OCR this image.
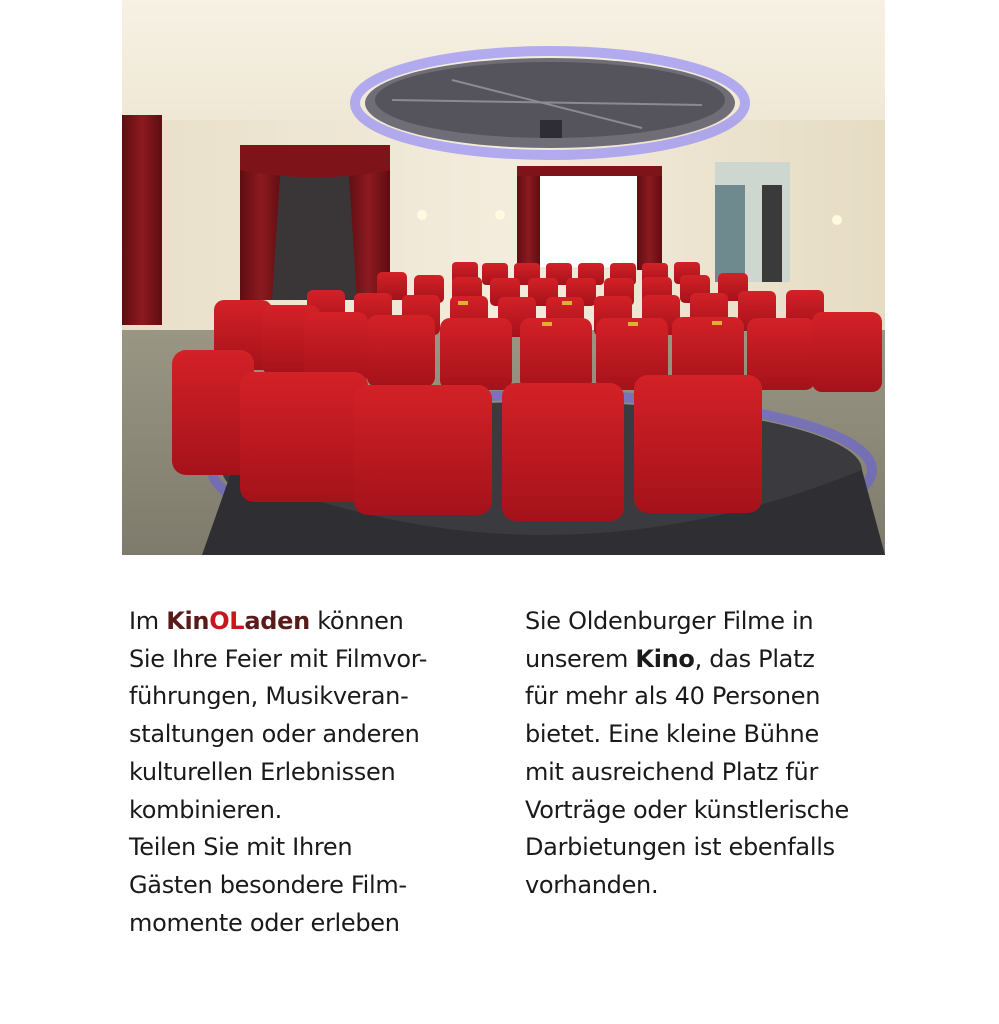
Im KinOLaden können
Sie Ihre Feier mit Filmvor-
führungen, Musikveran-
staltungen oder anderen
kulturellen Erlebnissen
kombinieren.
Teilen Sie mit Ihren
Gästen besondere Film-
momente oder erleben
Sie Oldenburger Filme in
unserem Kino, das Platz
für mehr als 40 Personen
bietet. Eine kleine Bühne
mit ausreichend Platz für
Vorträge oder künstlerische
Darbietungen ist ebenfalls
vorhanden.
